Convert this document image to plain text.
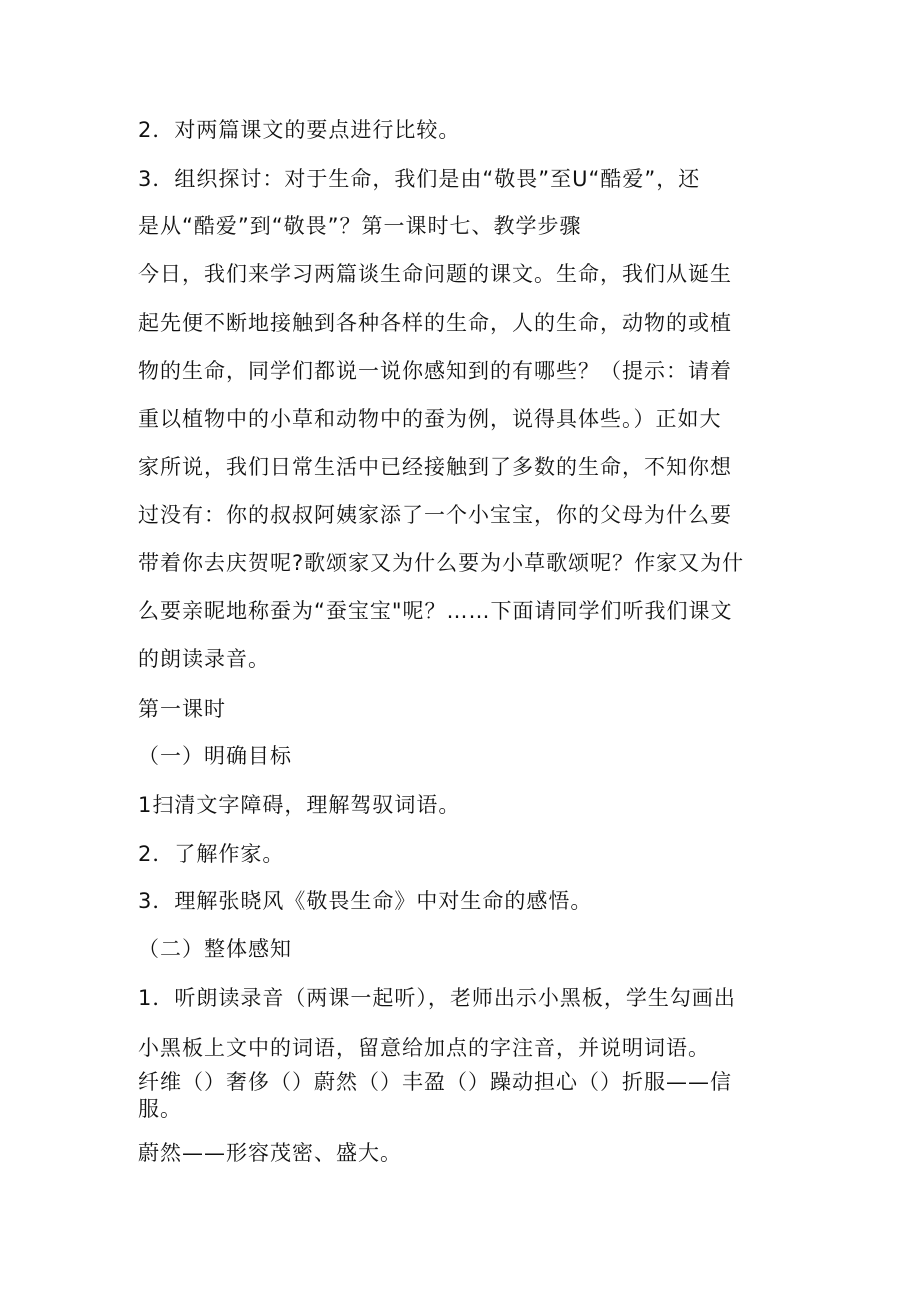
2．对两篇课文的要点进行比较。
3．组织探讨：对于生命，我们是由“敬畏”至U“酷爱”，还
是从“酷爱”到“敬畏”？第一课时七、教学步骤
今日，我们来学习两篇谈生命问题的课文。生命，我们从诞生
起先便不断地接触到各种各样的生命，人的生命，动物的或植
物的生命，同学们都说一说你感知到的有哪些？（提示：请着
重以植物中的小草和动物中的蚕为例，说得具体些。）正如大
家所说，我们日常生活中已经接触到了多数的生命，不知你想
过没有：你的叔叔阿姨家添了一个小宝宝，你的父母为什么要
带着你去庆贺呢?歌颂家又为什么要为小草歌颂呢？作家又为什
么要亲昵地称蚕为“蚕宝宝"呢？……下面请同学们听我们课文
的朗读录音。
第一课时
（一）明确目标
1扫清文字障碍，理解驾驭词语。
2．了解作家。
3．理解张晓风《敬畏生命》中对生命的感悟。
（二）整体感知
1．听朗读录音（两课一起听），老师出示小黑板，学生勾画出
小黑板上文中的词语，留意给加点的字注音，并说明词语。
纤维（）奢侈（）蔚然（）丰盈（）躁动担心（）折服——信
服。
蔚然——形容茂密、盛大。
